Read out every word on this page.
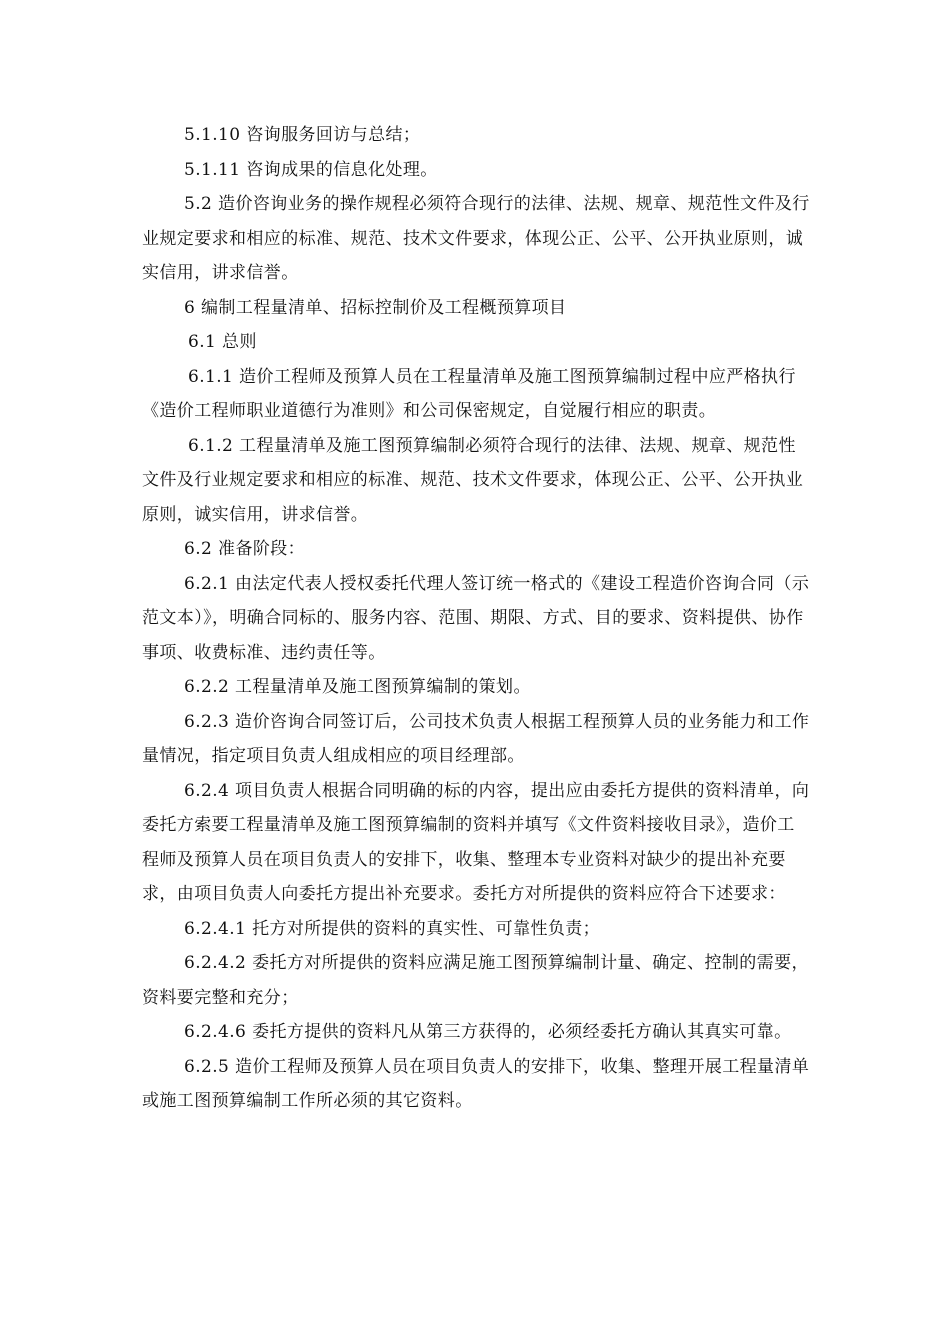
5.1.10 咨询服务回访与总结；

5.1.11 咨询成果的信息化处理。

5.2 造价咨询业务的操作规程必须符合现行的法律、法规、规章、规范性文件及行业规定要求和相应的标准、规范、技术文件要求，体现公正、公平、公开执业原则，诚实信用，讲求信誉。

6 编制工程量清单、招标控制价及工程概预算项目

6.1 总则

6.1.1 造价工程师及预算人员在工程量清单及施工图预算编制过程中应严格执行《造价工程师职业道德行为准则》和公司保密规定，自觉履行相应的职责。

6.1.2 工程量清单及施工图预算编制必须符合现行的法律、法规、规章、规范性文件及行业规定要求和相应的标准、规范、技术文件要求，体现公正、公平、公开执业原则，诚实信用，讲求信誉。

6.2 准备阶段：

6.2.1 由法定代表人授权委托代理人签订统一格式的《建设工程造价咨询合同（示范文本）》，明确合同标的、服务内容、范围、期限、方式、目的要求、资料提供、协作事项、收费标准、违约责任等。

6.2.2 工程量清单及施工图预算编制的策划。

6.2.3 造价咨询合同签订后，公司技术负责人根据工程预算人员的业务能力和工作量情况，指定项目负责人组成相应的项目经理部。

6.2.4 项目负责人根据合同明确的标的内容，提出应由委托方提供的资料清单，向委托方索要工程量清单及施工图预算编制的资料并填写《文件资料接收目录》，造价工程师及预算人员在项目负责人的安排下，收集、整理本专业资料对缺少的提出补充要求，由项目负责人向委托方提出补充要求。委托方对所提供的资料应符合下述要求：

6.2.4.1 托方对所提供的资料的真实性、可靠性负责；

6.2.4.2 委托方对所提供的资料应满足施工图预算编制计量、确定、控制的需要，资料要完整和充分；

6.2.4.6 委托方提供的资料凡从第三方获得的，必须经委托方确认其真实可靠。

6.2.5 造价工程师及预算人员在项目负责人的安排下，收集、整理开展工程量清单或施工图预算编制工作所必须的其它资料。
